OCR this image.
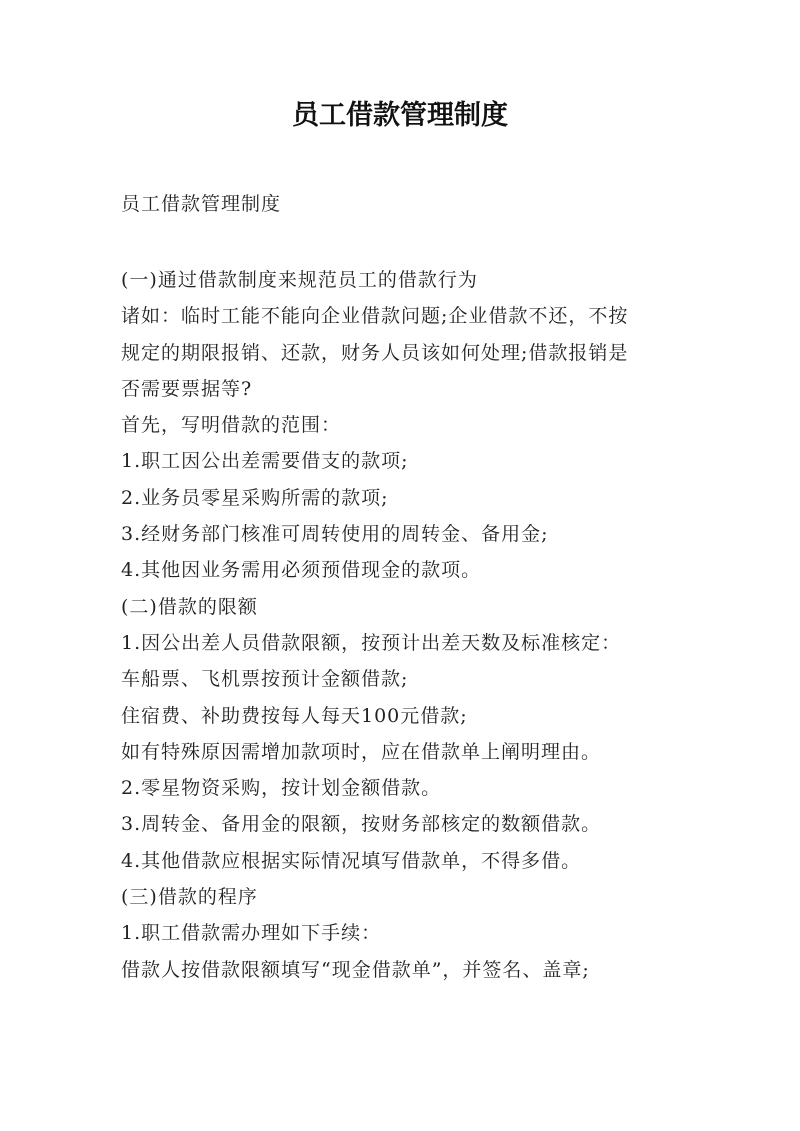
员工借款管理制度
员工借款管理制度
(一)通过借款制度来规范员工的借款行为
诸如：临时工能不能向企业借款问题;企业借款不还，不按
规定的期限报销、还款，财务人员该如何处理;借款报销是
否需要票据等?
首先，写明借款的范围：
1.职工因公出差需要借支的款项;
2.业务员零星采购所需的款项;
3.经财务部门核准可周转使用的周转金、备用金;
4.其他因业务需用必须预借现金的款项。
(二)借款的限额
1.因公出差人员借款限额，按预计出差天数及标准核定：
车船票、飞机票按预计金额借款;
住宿费、补助费按每人每天100元借款;
如有特殊原因需增加款项时，应在借款单上阐明理由。
2.零星物资采购，按计划金额借款。
3.周转金、备用金的限额，按财务部核定的数额借款。
4.其他借款应根据实际情况填写借款单，不得多借。
(三)借款的程序
1.职工借款需办理如下手续：
借款人按借款限额填写“现金借款单”，并签名、盖章;
